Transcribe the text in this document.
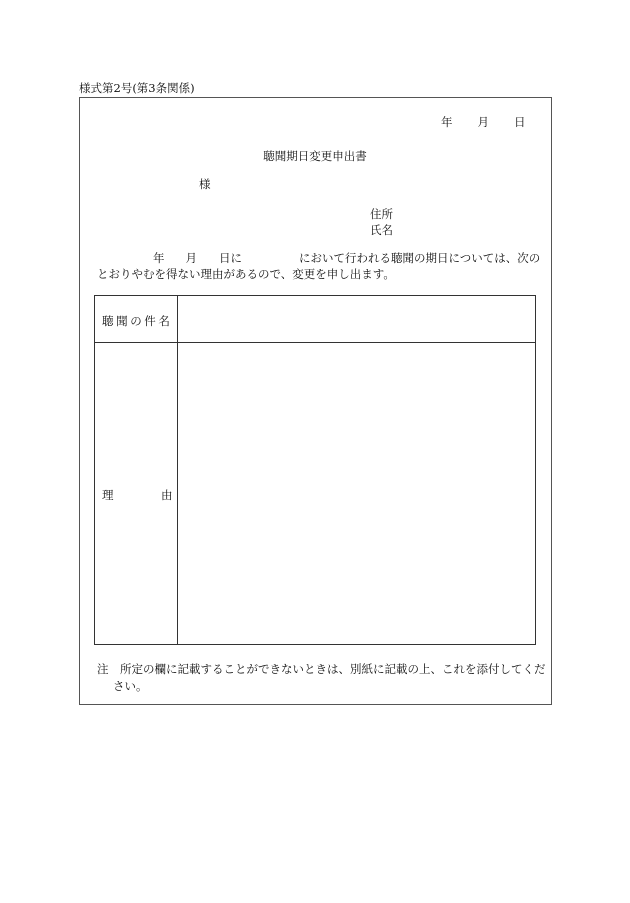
様式第2号(第3条関係)
年 月 日
聴聞期日変更申出書
様
住所
氏名
年 月 日に	において行われる聴聞の期日については、次の
とおりやむを得ない理由があるので、変更を申し出ます。
聴聞の件名
理	由
注　所定の欄に記載することができないときは、別紙に記載の上、これを添付してくだ
さい。
